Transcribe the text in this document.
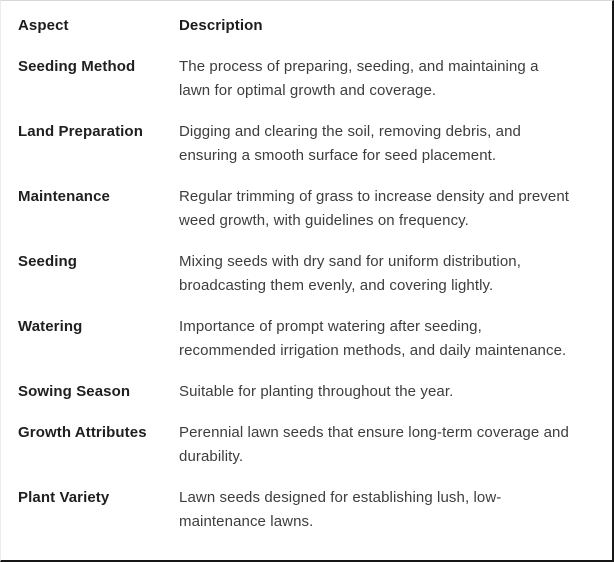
Aspect	Description
Seeding Method	The process of preparing, seeding, and maintaining a lawn for optimal growth and coverage.
Land Preparation	Digging and clearing the soil, removing debris, and ensuring a smooth surface for seed placement.
Maintenance	Regular trimming of grass to increase density and prevent weed growth, with guidelines on frequency.
Seeding	Mixing seeds with dry sand for uniform distribution, broadcasting them evenly, and covering lightly.
Watering	Importance of prompt watering after seeding, recommended irrigation methods, and daily maintenance.
Sowing Season	Suitable for planting throughout the year.
Growth Attributes	Perennial lawn seeds that ensure long-term coverage and durability.
Plant Variety	Lawn seeds designed for establishing lush, low-maintenance lawns.
